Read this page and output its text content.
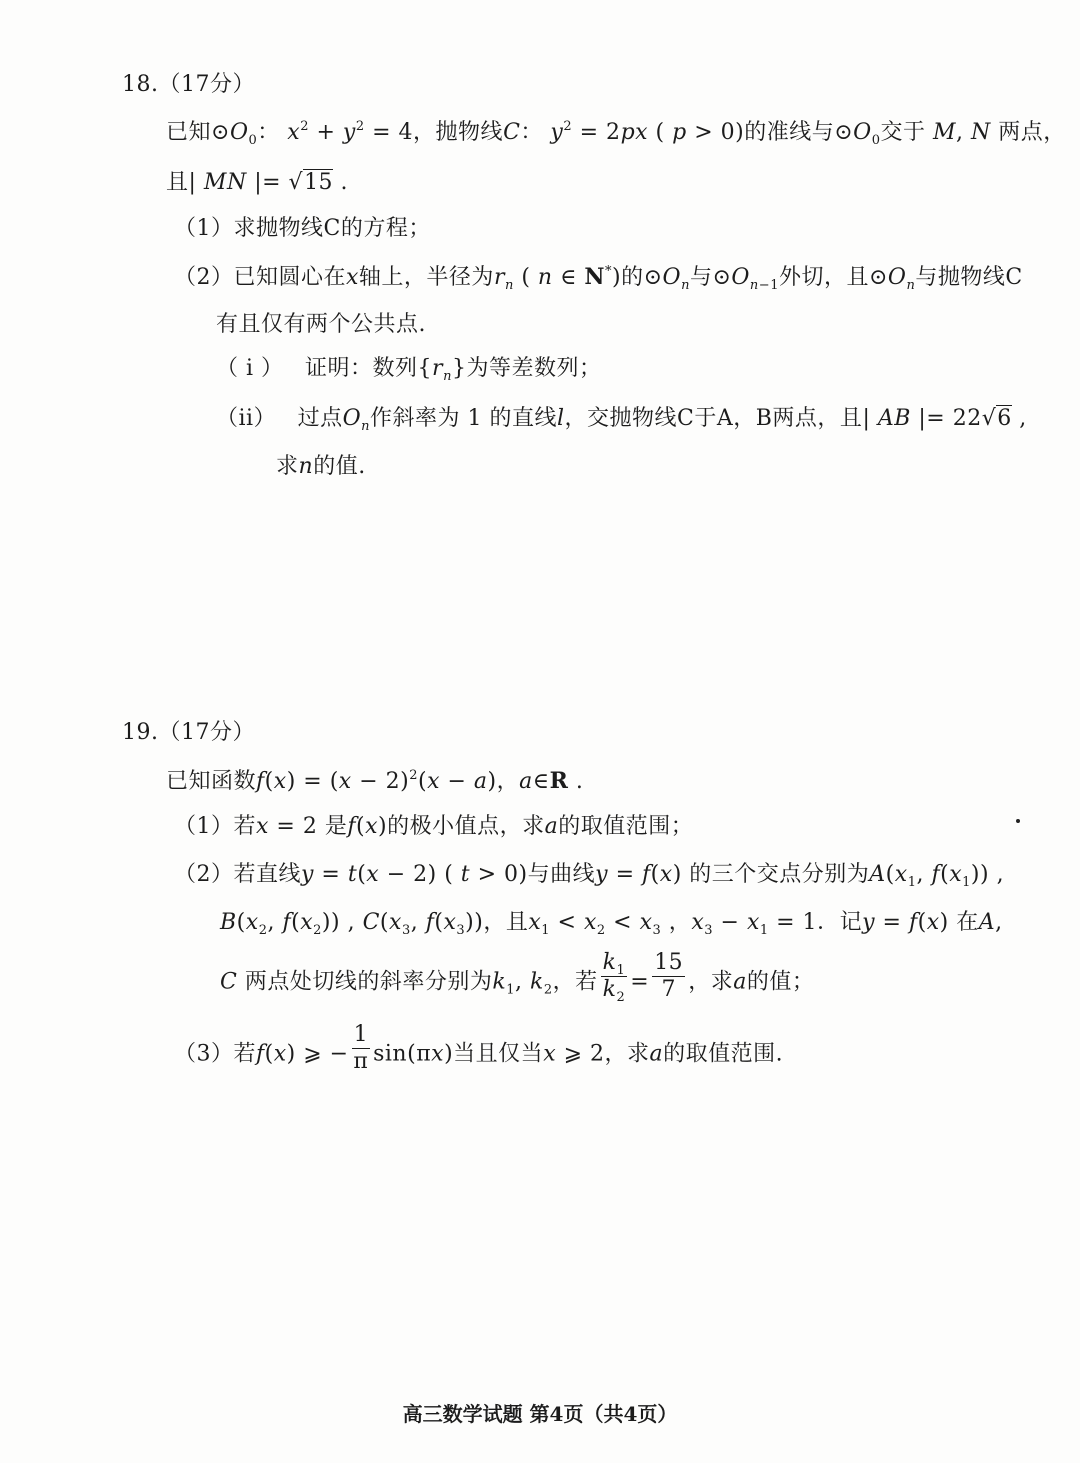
18.（17分）
已知$⊙O_0$： $x^2 + y^2 = 4$，抛物线C： $y^2 = 2px$ ( p > 0)的准线与$⊙O_0$交于 M, N 两点，
且| MN |= √15 .
（1）求抛物线C的方程；
（2）已知圆心在x轴上，半径为$r_n$ ( n ∈ N*)的$⊙O_n$与$⊙O_{n-1}$外切，且$⊙O_n$与抛物线C
有且仅有两个公共点.
（ i ） 证明：数列$\{r_n\}$为等差数列；
（ii） 过点$O_n$作斜率为 1 的直线l，交抛物线C于A，B两点，且| AB |= 22√6 ,
求n的值.
19.（17分）
已知函数$f(x) = (x - 2)^2(x - a)$，a∈R .
（1）若x = 2 是f(x)的极小值点，求a的取值范围；
（2）若直线y = t(x − 2) ( t > 0)与曲线y = f(x) 的三个交点分别为$A(x_1$, $f(x_1)$) ,
$B(x_2$, $f(x_2)$) , $C(x_3$, $f(x_3)$)，且$x_1 < x_2 < x_3$ ，$x_3 - x_1 = 1$．记y = f(x) 在A,
C 两点处切线的斜率分别为$k_1$, $k_2$，若 $\frac{k_1}{k_2} = \frac{15}{7}$ ，求a的值；
（3）若f(x) ⩾ − $\frac{1}{\pi} \sin(\pi x)$当且仅当x ⩾ 2，求a的取值范围.
高三数学试题 第4页（共4页）
